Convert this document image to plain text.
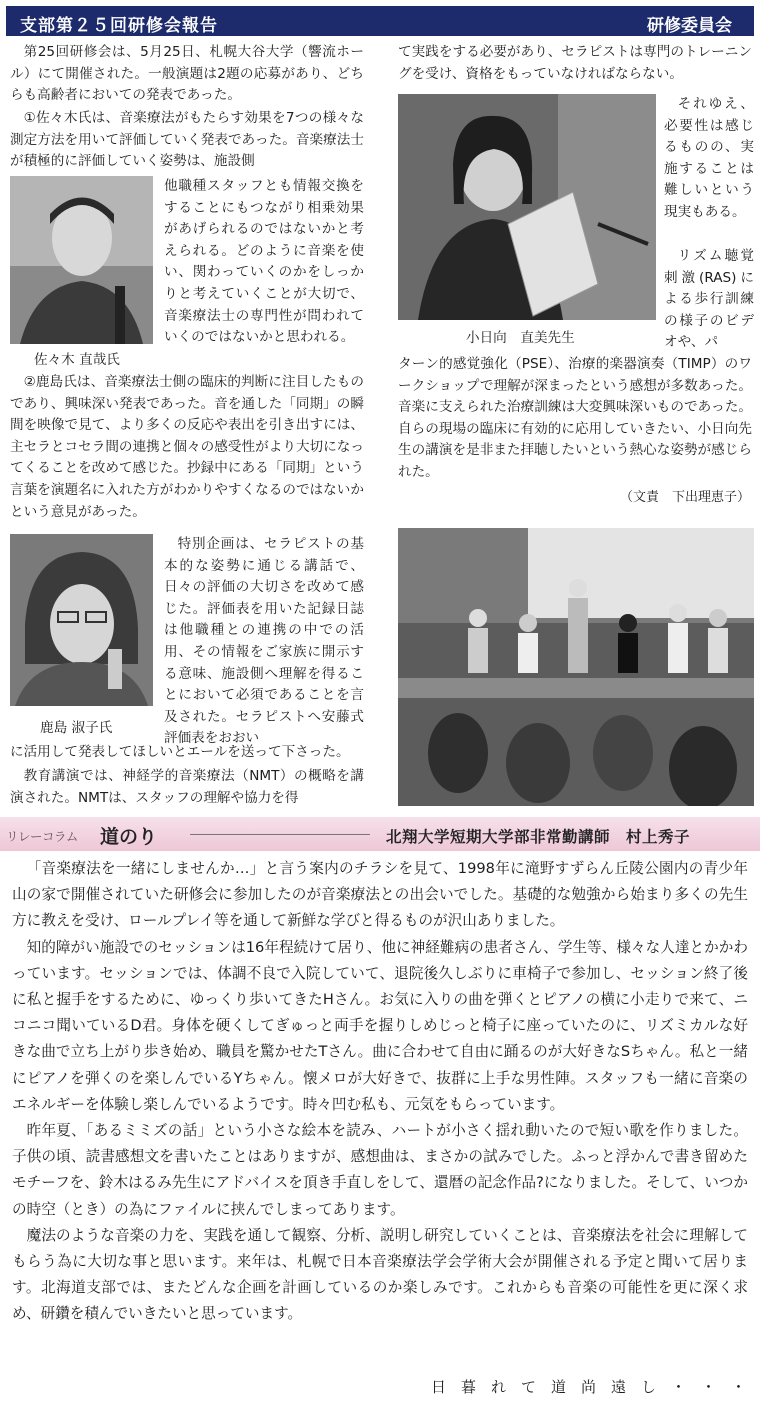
支部第２５回研修会報告	研修委員会

第25回研修会は、5月25日、札幌大谷大学（響流ホール）にて開催された。一般演題は2題の応募があり、どちらも高齢者においての発表であった。

①佐々木氏は、音楽療法がもたらす効果を7つの様々な測定方法を用いて評価していく発表であった。音楽療法士が積極的に評価していく姿勢は、施設側

他職種スタッフとも情報交換をすることにもつながり相乗効果があげられるのではないかと考えられる。どのように音楽を使い、関わっていくのかをしっかりと考えていくことが大切で、音楽療法士の専門性が問われていくのではないかと思われる。

佐々木 直哉氏

②鹿島氏は、音楽療法士側の臨床的判断に注目したものであり、興味深い発表であった。音を通した「同期」の瞬間を映像で見て、より多くの反応や表出を引き出すには、主セラとコセラ間の連携と個々の感受性がより大切になってくることを改めて感じた。抄録中にある「同期」という言葉を演題名に入れた方がわかりやすくなるのではないかという意見があった。

特別企画は、セラピストの基本的な姿勢に通じる講話で、日々の評価の大切さを改めて感じた。評価表を用いた記録日誌は他職種との連携の中での活用、その情報をご家族に開示する意味、施設側へ理解を得ることにおいて必須であることを言及された。セラピストへ安藤式評価表をおおい

鹿島 淑子氏

に活用して発表してほしいとエールを送って下さった。

教育講演では、神経学的音楽療法（NMT）の概略を講演された。NMTは、スタッフの理解や協力を得

て実践をする必要があり、セラピストは専門のトレーニングを受け、資格をもっていなければならない。

それゆえ、必要性は感じるものの、実施することは難しいという現実もある。

リズム聴覚刺激(RAS)による歩行訓練の様子のビデオや、パ

小日向　直美先生

ターン的感覚強化（PSE）、治療的楽器演奏（TIMP）のワークショップで理解が深まったという感想が多数あった。音楽に支えられた治療訓練は大変興味深いものであった。自らの現場の臨床に有効的に応用していきたい、小日向先生の講演を是非また拝聴したいという熱心な姿勢が感じられた。

（文責　下出理恵子）
リレーコラム 道のり	北翔大学短期大学部非常勤講師　村上秀子

「音楽療法を一緒にしませんか…」と言う案内のチラシを見て、1998年に滝野すずらん丘陵公園内の青少年山の家で開催されていた研修会に参加したのが音楽療法との出会いでした。基礎的な勉強から始まり多くの先生方に教えを受け、ロールプレイ等を通して新鮮な学びと得るものが沢山ありました。

知的障がい施設でのセッションは16年程続けて居り、他に神経難病の患者さん、学生等、様々な人達とかかわっています。セッションでは、体調不良で入院していて、退院後久しぶりに車椅子で参加し、セッション終了後に私と握手をするために、ゆっくり歩いてきたHさん。お気に入りの曲を弾くとピアノの横に小走りで来て、ニコニコ聞いているD君。身体を硬くしてぎゅっと両手を握りしめじっと椅子に座っていたのに、リズミカルな好きな曲で立ち上がり歩き始め、職員を驚かせたTさん。曲に合わせて自由に踊るのが大好きなSちゃん。私と一緒にピアノを弾くのを楽しんでいるYちゃん。懐メロが大好きで、抜群に上手な男性陣。スタッフも一緒に音楽のエネルギーを体験し楽しんでいるようです。時々凹む私も、元気をもらっています。

昨年夏、「あるミミズの話」という小さな絵本を読み、ハートが小さく揺れ動いたので短い歌を作りました。子供の頃、読書感想文を書いたことはありますが、感想曲は、まさかの試みでした。ふっと浮かんで書き留めたモチーフを、鈴木はるみ先生にアドバイスを頂き手直しをして、還暦の記念作品?になりました。そして、いつかの時空（とき）の為にファイルに挟んでしまってあります。

魔法のような音楽の力を、実践を通して観察、分析、説明し研究していくことは、音楽療法を社会に理解してもらう為に大切な事と思います。来年は、札幌で日本音楽療法学会学術大会が開催される予定と聞いて居ります。北海道支部では、またどんな企画を計画しているのか楽しみです。これからも音楽の可能性を更に深く求め、研鑽を積んでいきたいと思っています。

日　暮　れ　て　道　尚　遠　し　・　・　・
